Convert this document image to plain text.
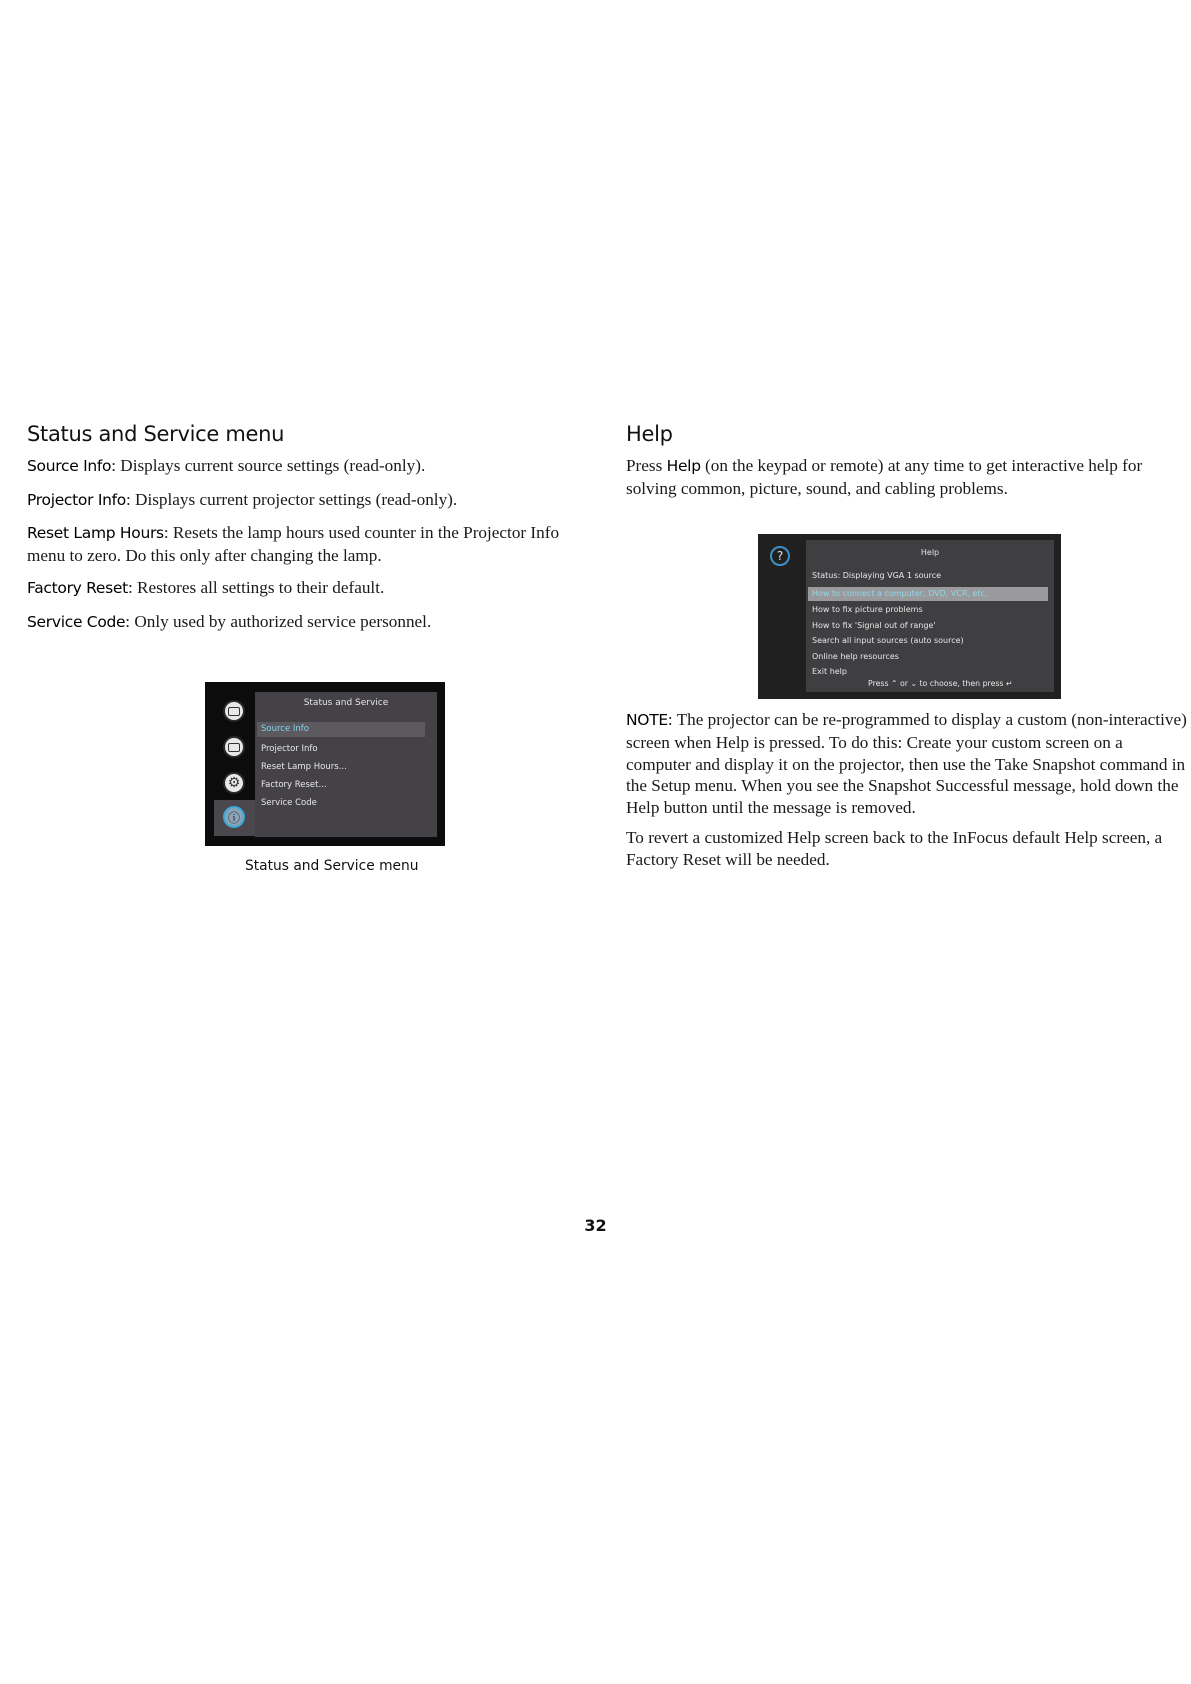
Status and Service menu

Source Info: Displays current source settings (read-only).

Projector Info: Displays current projector settings (read-only).

Reset Lamp Hours: Resets the lamp hours used counter in the Projector Info menu to zero. Do this only after changing the lamp.

Factory Reset: Restores all settings to their default.

Service Code: Only used by authorized service personnel.

⚙
ⓘ
Status and Service
Source Info
Projector Info
Reset Lamp Hours...
Factory Reset...
Service Code
Status and Service menu
Help

Press Help (on the keypad or remote) at any time to get interactive help for solving common, picture, sound, and cabling problems.

?	Help
Status: Displaying VGA 1 source
How to connect a computer, DVD, VCR, etc.
How to fix picture problems
How to fix 'Signal out of range'
Search all input sources (auto source)
Online help resources
Exit help
Press ⌃ or ⌄ to choose, then press ↵

NOTE: The projector can be re-programmed to display a custom (non-interactive) screen when Help is pressed. To do this: Create your custom screen on a computer and display it on the projector, then use the Take Snapshot command in the Setup menu. When you see the Snapshot Successful message, hold down the Help button until the message is removed.

To revert a customized Help screen back to the InFocus default Help screen, a Factory Reset will be needed.

32
